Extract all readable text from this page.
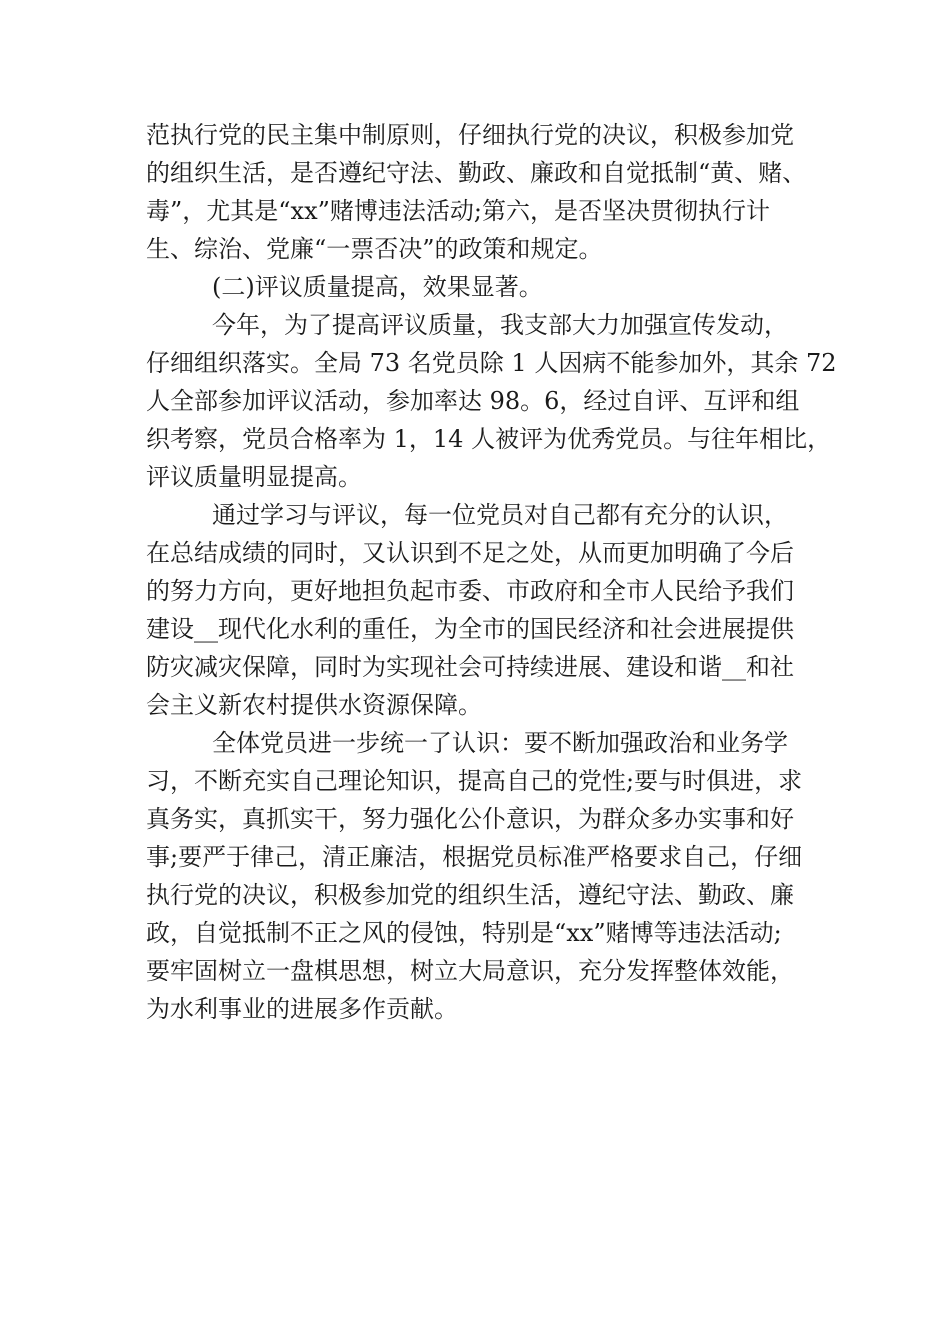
范执行党的民主集中制原则，仔细执行党的决议，积极参加党
的组织生活，是否遵纪守法、勤政、廉政和自觉抵制“黄、赌、
毒”，尤其是“xx”赌博违法活动;第六，是否坚决贯彻执行计
生、综治、党廉“一票否决”的政策和规定。
(二)评议质量提高，效果显著。
今年，为了提高评议质量，我支部大力加强宣传发动，
仔细组织落实。全局 73 名党员除 1 人因病不能参加外，其余 72
人全部参加评议活动，参加率达 98。6，经过自评、互评和组
织考察，党员合格率为 1，14 人被评为优秀党员。与往年相比，
评议质量明显提高。
通过学习与评议，每一位党员对自己都有充分的认识，
在总结成绩的同时，又认识到不足之处，从而更加明确了今后
的努力方向，更好地担负起市委、市政府和全市人民给予我们
建设__现代化水利的重任，为全市的国民经济和社会进展提供
防灾减灾保障，同时为实现社会可持续进展、建设和谐__和社
会主义新农村提供水资源保障。
全体党员进一步统一了认识：要不断加强政治和业务学
习，不断充实自己理论知识，提高自己的党性;要与时俱进，求
真务实，真抓实干，努力强化公仆意识，为群众多办实事和好
事;要严于律己，清正廉洁，根据党员标准严格要求自己，仔细
执行党的决议，积极参加党的组织生活，遵纪守法、勤政、廉
政，自觉抵制不正之风的侵蚀，特别是“xx”赌博等违法活动;
要牢固树立一盘棋思想，树立大局意识，充分发挥整体效能，
为水利事业的进展多作贡献。
